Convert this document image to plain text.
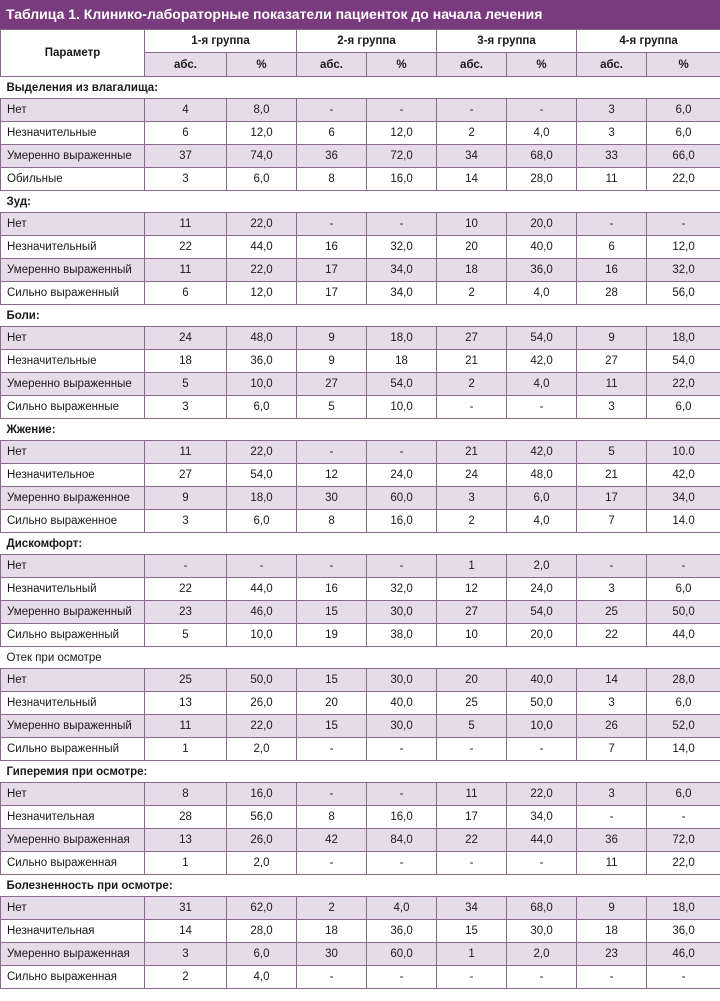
Таблица 1. Клинико-лабораторные показатели пациенток до начала лечения
Параметр	1-я группа		2-я группа		3-я группа		4-я группа	
	абс.	%	абс.	%	абс.	%	абс.	%
Выделения из влагалища:								
Нет	4	8,0	-	-	-	-	3	6,0
Незначительные	6	12,0	6	12,0	2	4,0	3	6,0
Умеренно выраженные	37	74,0	36	72,0	34	68,0	33	66,0
Обильные	3	6,0	8	16,0	14	28,0	11	22,0
Зуд:								
Нет	11	22,0	-	-	10	20,0	-	-
Незначительный	22	44,0	16	32,0	20	40,0	6	12,0
Умеренно выраженный	11	22,0	17	34,0	18	36,0	16	32,0
Сильно выраженный	6	12,0	17	34,0	2	4,0	28	56,0
Боли:								
Нет	24	48,0	9	18,0	27	54,0	9	18,0
Незначительные	18	36,0	9	18	21	42,0	27	54,0
Умеренно выраженные	5	10,0	27	54,0	2	4,0	11	22,0
Сильно выраженные	3	6,0	5	10,0	-	-	3	6,0
Жжение:								
Нет	11	22,0	-	-	21	42,0	5	10.0
Незначительное	27	54,0	12	24,0	24	48,0	21	42,0
Умеренно выраженное	9	18,0	30	60,0	3	6,0	17	34,0
Сильно выраженное	3	6,0	8	16,0	2	4,0	7	14.0
Дискомфорт:								
Нет	-	-	-	-	1	2,0	-	-
Незначительный	22	44,0	16	32,0	12	24,0	3	6,0
Умеренно выраженный	23	46,0	15	30,0	27	54,0	25	50,0
Сильно выраженный	5	10,0	19	38,0	10	20,0	22	44,0
Отек при осмотре								
Нет	25	50,0	15	30,0	20	40,0	14	28,0
Незначительный	13	26,0	20	40,0	25	50,0	3	6,0
Умеренно выраженный	11	22,0	15	30,0	5	10,0	26	52,0
Сильно выраженный	1	2,0	-	-	-	-	7	14,0
Гиперемия при осмотре:								
Нет	8	16,0	-	-	11	22,0	3	6,0
Незначительная	28	56,0	8	16,0	17	34,0	-	-
Умеренно выраженная	13	26,0	42	84,0	22	44,0	36	72,0
Сильно выраженная	1	2,0	-	-	-	-	11	22,0
Болезненность при осмотре:								
Нет	31	62,0	2	4,0	34	68,0	9	18,0
Незначительная	14	28,0	18	36,0	15	30,0	18	36,0
Умеренно выраженная	3	6,0	30	60,0	1	2,0	23	46,0
Сильно выраженная	2	4,0	-	-	-	-	-	-
